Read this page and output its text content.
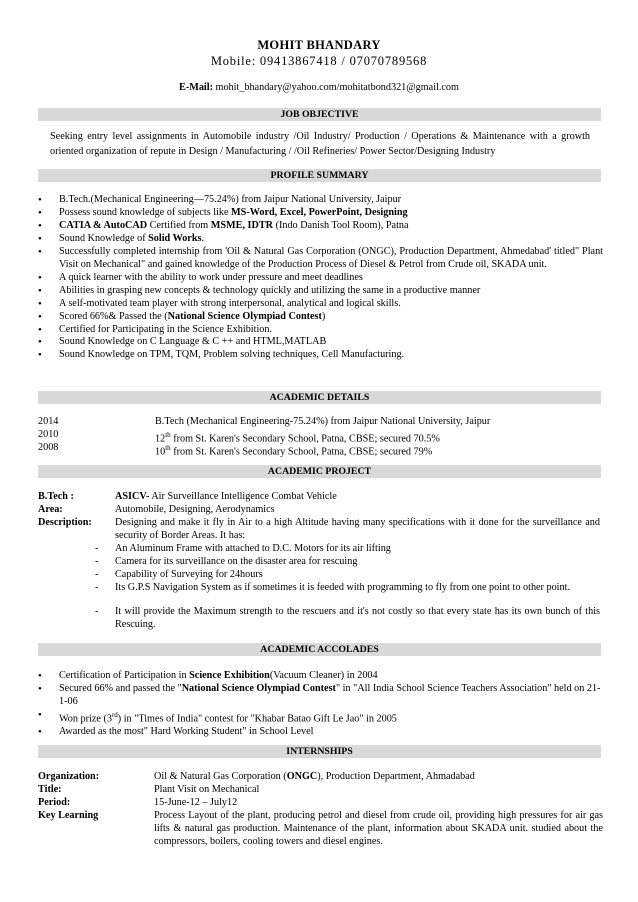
MOHIT BHANDARY
Mobile: 09413867418 / 07070789568
E-Mail: mohit_bhandary@yahoo.com/mohitatbond321@gmail.com
JOB OBJECTIVE
Seeking entry level assignments in Automobile industry /Oil Industry/ Production / Operations & Maintenance with a growth oriented organization of repute in Design / Manufacturing / /Oil Refineries/ Power Sector/Designing Industry
PROFILE SUMMARY
• B.Tech.(Mechanical Engineering—75.24%) from Jaipur National University, Jaipur
• Possess sound knowledge of subjects like MS-Word, Excel, PowerPoint, Designing
• CATIA & AutoCAD Certified from MSME, IDTR (Indo Danish Tool Room), Patna
• Sound Knowledge of Solid Works.
• Successfully completed internship from 'Oil & Natural Gas Corporation (ONGC), Production Department, Ahmedabad' titled" Plant Visit on Mechanical" and gained knowledge of the Production Process of Diesel & Petrol from Crude oil, SKADA unit.
• A quick learner with the ability to work under pressure and meet deadlines
• Abilities in grasping new concepts & technology quickly and utilizing the same in a productive manner
• A self-motivated team player with strong interpersonal, analytical and logical skills.
• Scored 66%& Passed the (National Science Olympiad Contest)
• Certified for Participating in the Science Exhibition.
• Sound Knowledge on C Language & C ++ and HTML,MATLAB
• Sound Knowledge on TPM, TQM, Problem solving techniques, Cell Manufacturing.
ACADEMIC DETAILS
2014	B.Tech (Mechanical Engineering-75.24%) from Jaipur National University, Jaipur
2010	12th from St. Karen's Secondary School, Patna, CBSE; secured 70.5%
2008	10th from St. Karen's Secondary School, Patna, CBSE; secured 79%
ACADEMIC PROJECT
B.Tech :	ASICV- Air Surveillance Intelligence Combat Vehicle
Area:	Automobile, Designing, Aerodynamics
Description: Designing and make it fly in Air to a high Altitude having many specifications with it done for the surveillance and security of Border Areas. It has:
- An Aluminum Frame with attached to D.C. Motors for its air lifting
- Camera for its surveillance on the disaster area for rescuing
- Capability of Surveying for 24hours
- Its G.P.S Navigation System as if sometimes it is feeded with programming to fly from one point to other point.
- It will provide the Maximum strength to the rescuers and it's not costly so that every state has its own bunch of this Rescuing.
ACADEMIC ACCOLADES
• Certification of Participation in Science Exhibition(Vacuum Cleaner) in 2004
• Secured 66% and passed the "National Science Olympiad Contest" in "All India School Science Teachers Association" held on 21-1-06
• Won prize (3rd) in "Times of India" contest for "Khabar Batao Gift Le Jao" in 2005
• Awarded as the most" Hard Working Student" in School Level
INTERNSHIPS
Organization:	Oil & Natural Gas Corporation (ONGC), Production Department, Ahmadabad
Title:	Plant Visit on Mechanical
Period:	15-June-12 – July12
Key Learning	Process Layout of the plant, producing petrol and diesel from crude oil, providing high pressures for air gas lifts & natural gas production. Maintenance of the plant, information about SKADA unit. studied about the compressors, boilers, cooling towers and diesel engines.
